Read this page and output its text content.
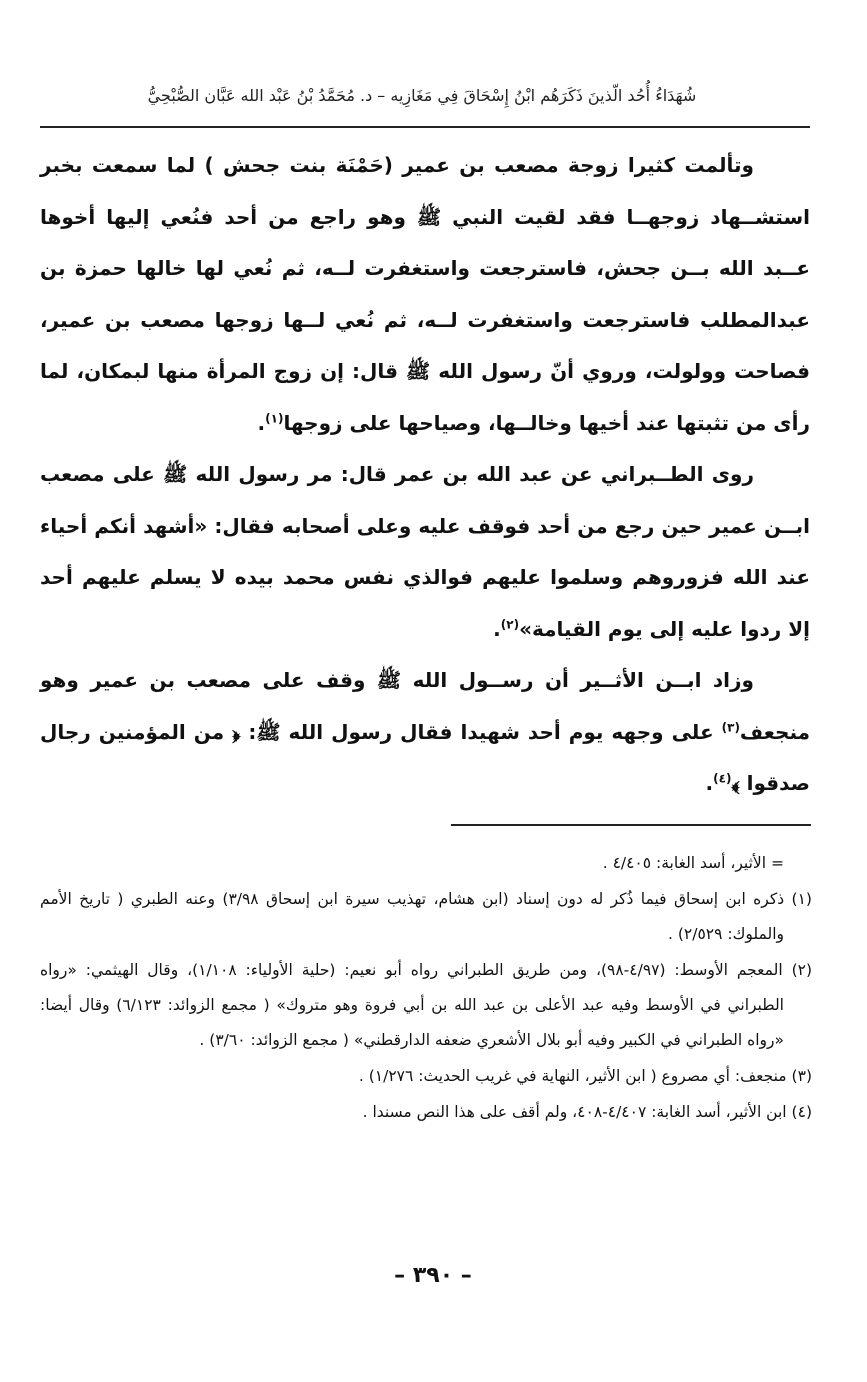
شُهَدَاءُ أُحُد الّذينَ ذَكَرَهُم ابْنُ إِسْحَاقَ فِي مَغَازِيه – د. مُحَمَّدُ بْنُ عَبْد الله عَبَّان الصُّبْحِيُّ

وتألمت كثيرا زوجة مصعب بن عمير (حَمْنَة بنت جحش ) لما سمعت بخبر استشــهاد زوجهــا فقد لقيت النبي ﷺ وهو راجع من أحد فنُعي إليها أخوها عــبد الله بــن جحش، فاسترجعت واستغفرت لــه، ثم نُعي لها خالها حمزة بن عبدالمطلب فاسترجعت واستغفرت لــه، ثم نُعي لــها زوجها مصعب بن عمير، فصاحت وولولت، وروي أنّ رسول الله ﷺ قال: إن زوج المرأة منها لبمكان، لما رأى من تثبتها عند أخيها وخالــها، وصياحها على زوجها$^{(١)}$.

روى الطــبراني عن عبد الله بن عمر قال: مر رسول الله ﷺ على مصعب ابــن عمير حين رجع من أحد فوقف عليه وعلى أصحابه فقال: «أشهد أنكم أحياء عند الله فزوروهم وسلموا عليهم فوالذي نفس محمد بيده لا يسلم عليهم أحد إلا ردوا عليه إلى يوم القيامة»$^{(٢)}$.

وزاد ابــن الأثــير أن رســول الله ﷺ وقف على مصعب بن عمير وهو منجعف$^{(٣)}$ على وجهه يوم أحد شهيدا فقال رسول الله ﷺ: ﴿ من المؤمنين رجال صدقوا ﴾$^{(٤)}$.

= الأثير، أسد الغابة: ٤/٤٠٥ .

(١) ذكره ابن إسحاق فيما ذُكر له دون إسناد (ابن هشام، تهذيب سيرة ابن إسحاق ٣/٩٨) وعنه الطبري ( تاريخ الأمم والملوك: ٢/٥٢٩) .

(٢) المعجم الأوسط: (٤/٩٧-٩٨)، ومن طريق الطبراني رواه أبو نعيم: (حلية الأولياء: ١/١٠٨)، وقال الهيثمي: «رواه الطبراني في الأوسط وفيه عبد الأعلى بن عبد الله بن أبي فروة وهو متروك» ( مجمع الزوائد: ٦/١٢٣) وقال أيضا: «رواه الطبراني في الكبير وفيه أبو بلال الأشعري ضعفه الدارقطني» ( مجمع الزوائد: ٣/٦٠) .

(٣) منجعف: أي مصروع ( ابن الأثير، النهاية في غريب الحديث: ١/٢٧٦) .

(٤) ابن الأثير، أسد الغابة: ٤/٤٠٧-٤٠٨، ولم أقف على هذا النص مسندا .

– ٣٩٠ –
